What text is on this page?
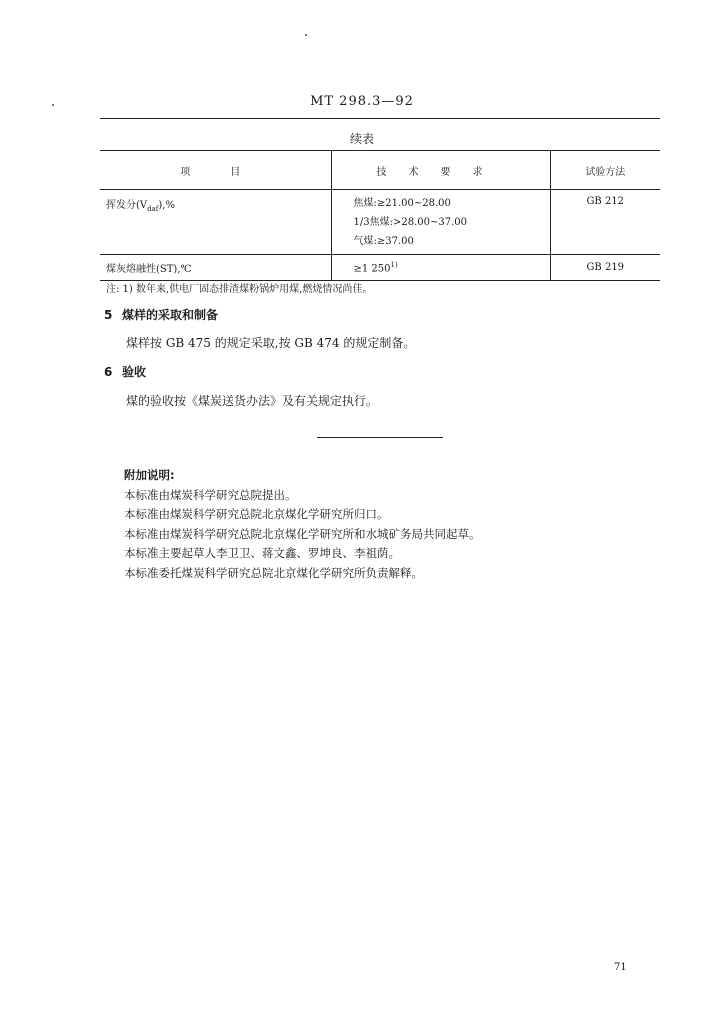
MT 298.3—92
续表
项目	技术要求	试验方法
挥发分$(V_{daf}),\%$	焦煤:≥21.00~28.00
1/3焦煤:>28.00~37.00
气煤:≥37.00	GB 212
煤灰熔融性(ST),℃	≥1 250$^{1)}$	GB 219
注: 1) 数年来,供电厂固态排渣煤粉锅炉用煤,燃烧情况尚佳。
5 煤样的采取和制备
煤样按 GB 475 的规定采取,按 GB 474 的规定制备。
6 验收
煤的验收按《煤炭送货办法》及有关规定执行。
附加说明:
本标准由煤炭科学研究总院提出。
本标准由煤炭科学研究总院北京煤化学研究所归口。
本标准由煤炭科学研究总院北京煤化学研究所和水城矿务局共同起草。
本标准主要起草人李卫卫、蒋文鑫、罗坤良、李祖荫。
本标准委托煤炭科学研究总院北京煤化学研究所负责解释。
71
